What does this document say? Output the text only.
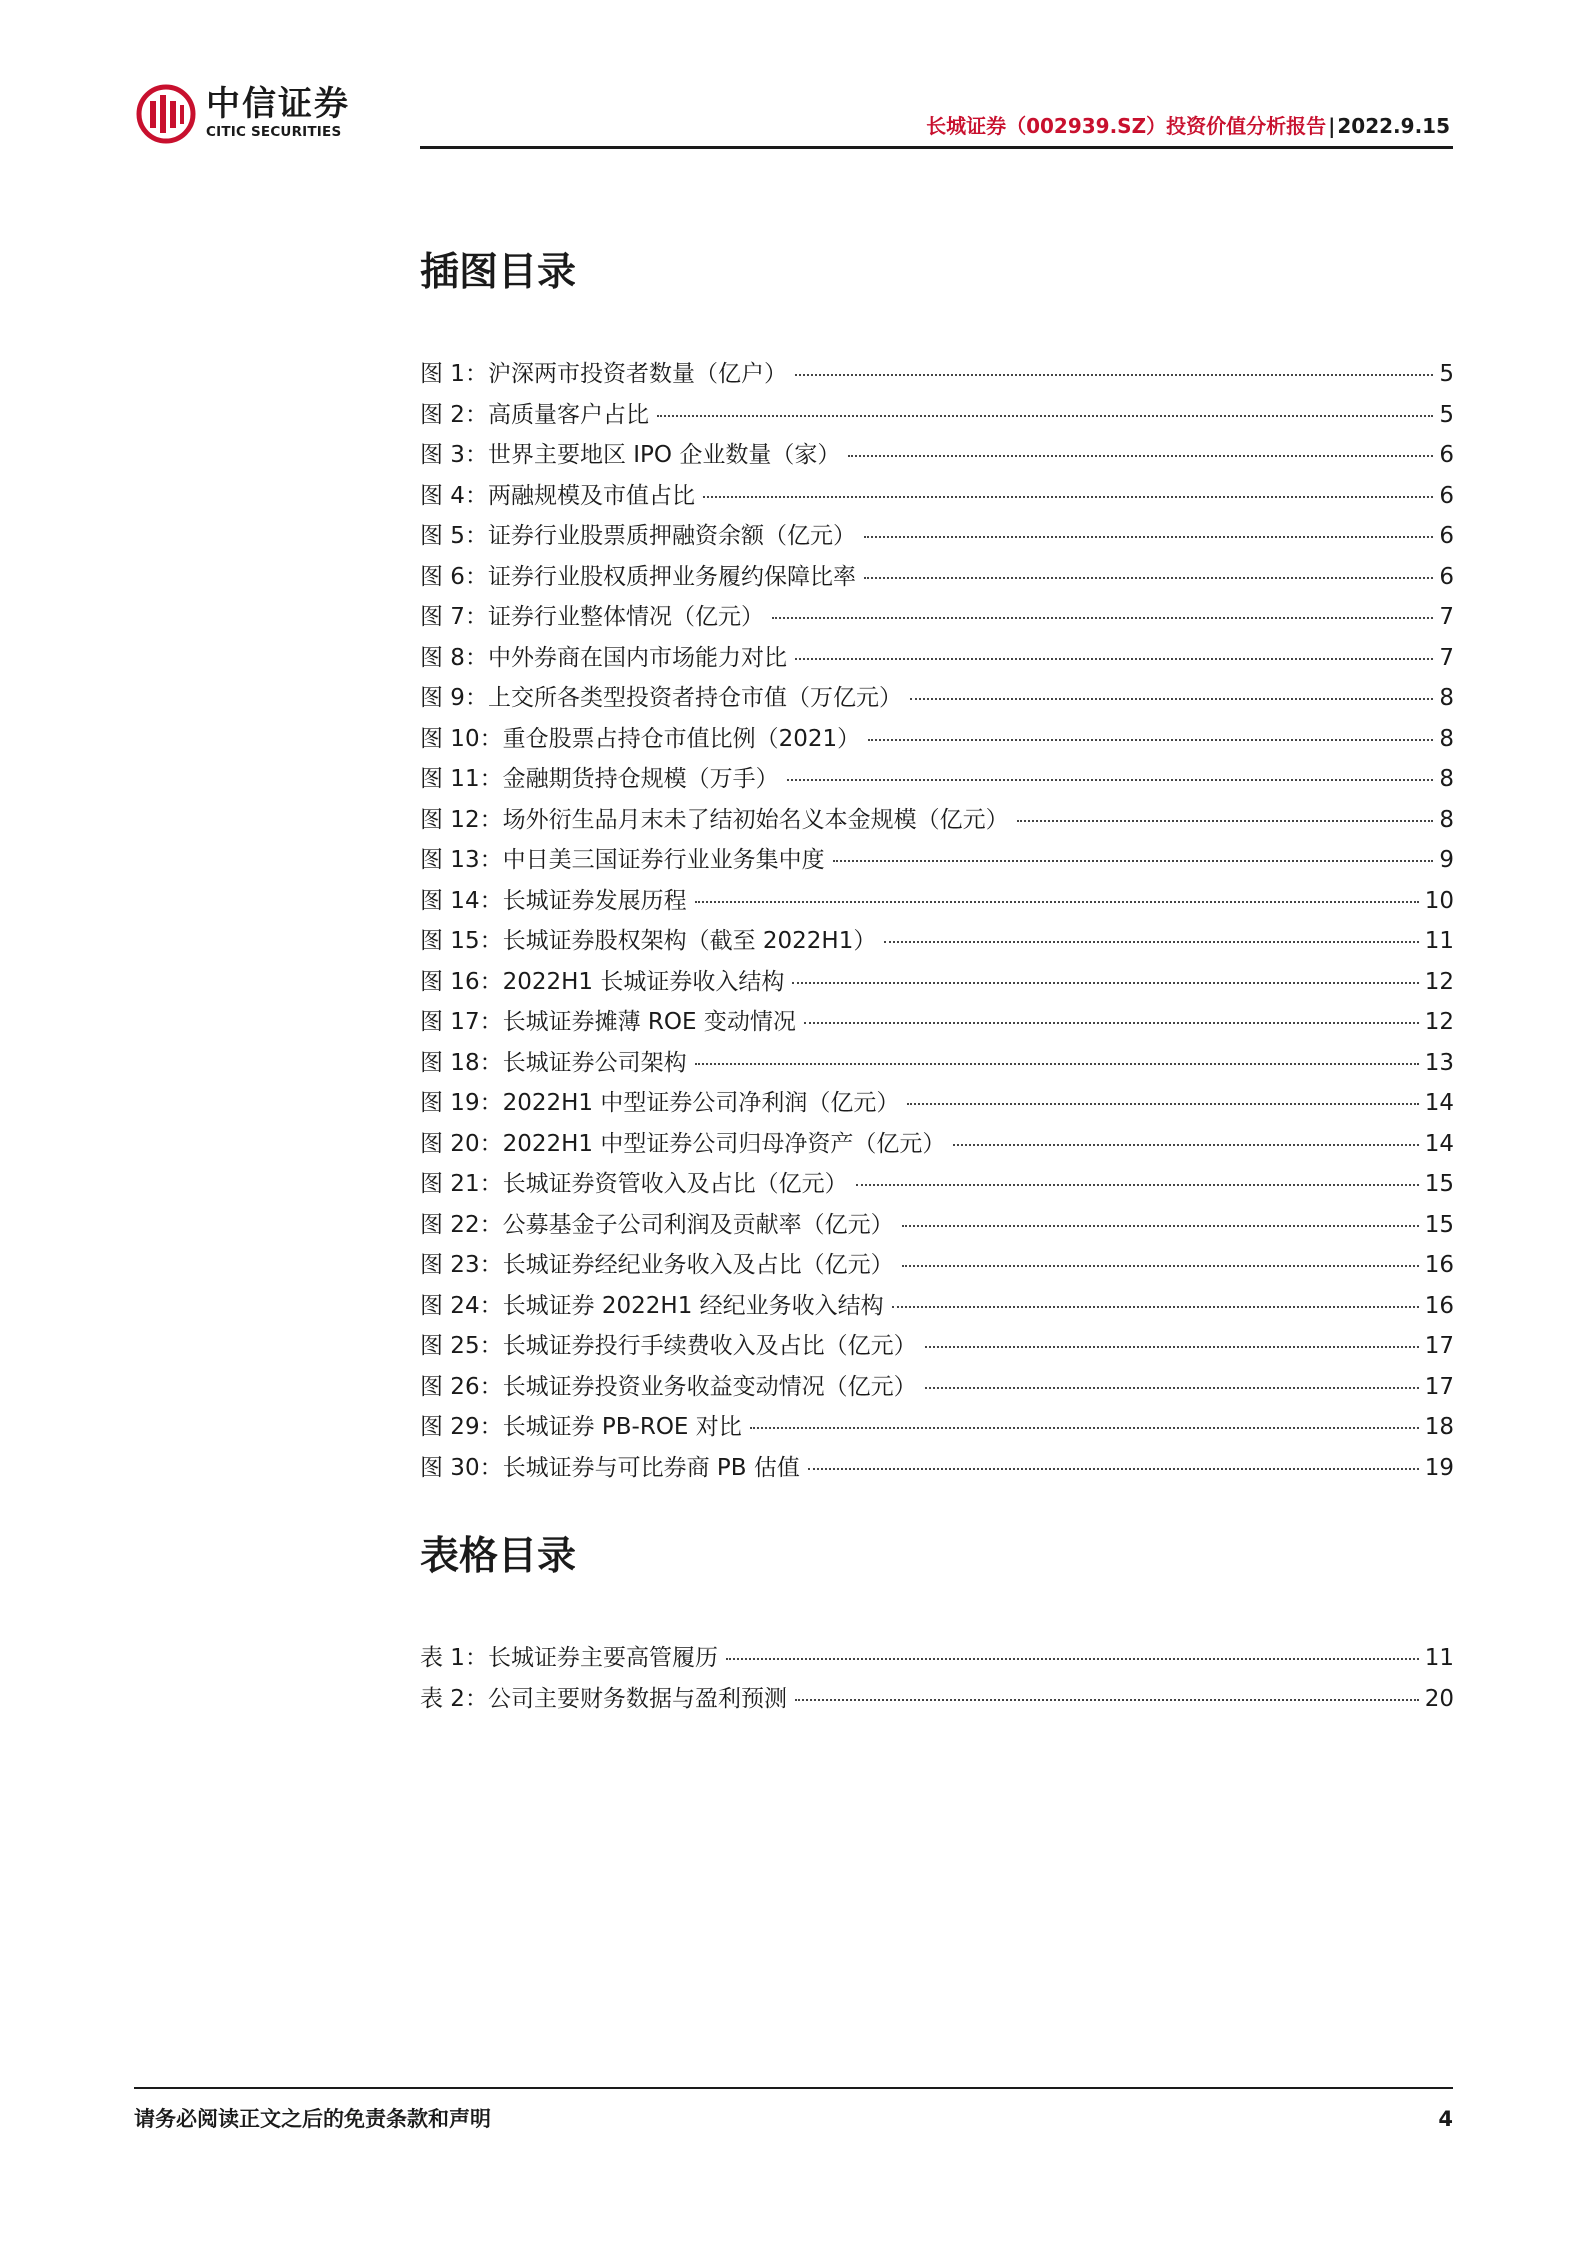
中信证券
CITIC SECURITIES	长城证券（002939.SZ）投资价值分析报告 | 2022.9.15
插图目录
图 1：沪深两市投资者数量（亿户）	5
图 2：高质量客户占比	5
图 3：世界主要地区 IPO 企业数量（家）	6
图 4：两融规模及市值占比	6
图 5：证券行业股票质押融资余额（亿元）	6
图 6：证券行业股权质押业务履约保障比率	6
图 7：证券行业整体情况（亿元）	7
图 8：中外券商在国内市场能力对比	7
图 9：上交所各类型投资者持仓市值（万亿元）	8
图 10：重仓股票占持仓市值比例（2021）	8
图 11：金融期货持仓规模（万手）	8
图 12：场外衍生品月末未了结初始名义本金规模（亿元）	8
图 13：中日美三国证券行业业务集中度	9
图 14：长城证券发展历程	10
图 15：长城证券股权架构（截至 2022H1）	11
图 16：2022H1 长城证券收入结构	12
图 17：长城证券摊薄 ROE 变动情况	12
图 18：长城证券公司架构	13
图 19：2022H1 中型证券公司净利润（亿元）	14
图 20：2022H1 中型证券公司归母净资产（亿元）	14
图 21：长城证券资管收入及占比（亿元）	15
图 22：公募基金子公司利润及贡献率（亿元）	15
图 23：长城证券经纪业务收入及占比（亿元）	16
图 24：长城证券 2022H1 经纪业务收入结构	16
图 25：长城证券投行手续费收入及占比（亿元）	17
图 26：长城证券投资业务收益变动情况（亿元）	17
图 29：长城证券 PB-ROE 对比	18
图 30：长城证券与可比券商 PB 估值	19
表格目录
表 1：长城证券主要高管履历	11
表 2：公司主要财务数据与盈利预测	20
请务必阅读正文之后的免责条款和声明	4
